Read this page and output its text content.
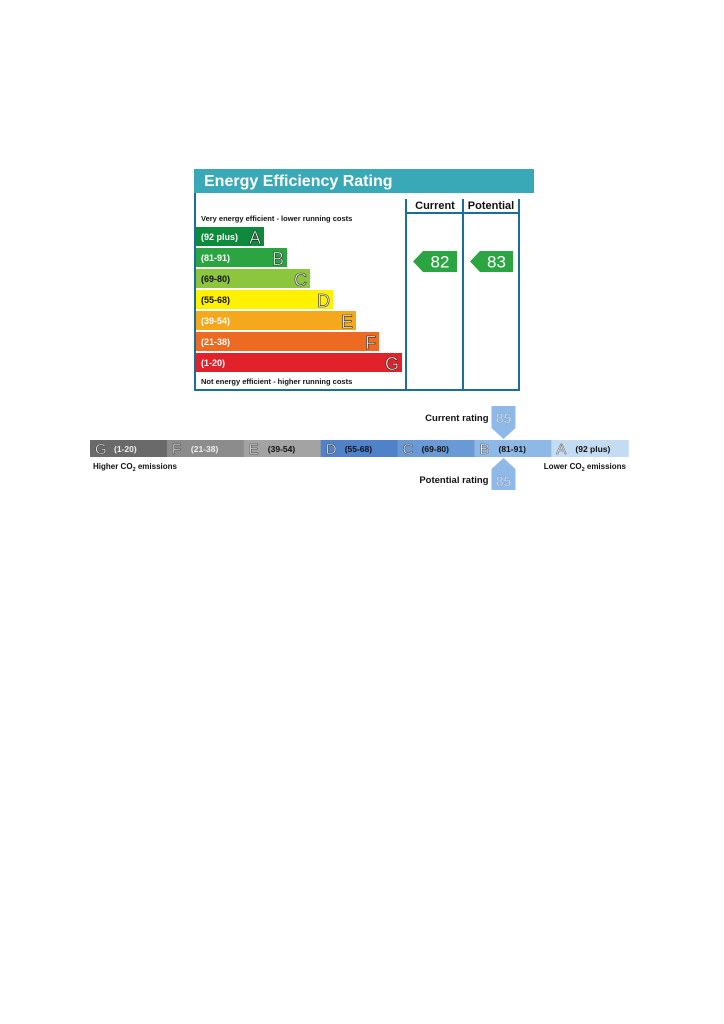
Energy Efficiency Rating
Current Potential
Very energy efficient - lower running costs
Not energy efficient - higher running costs
(92 plus) A
(81-91) B
(69-80)	C
(55-68)	D
(39-54)	E
(21-38)	F
(1-20)	G
82 83
G (1-20) F (21-38) E (39-54) D (55-68) C (69-80) B (81-91) A (92 plus)
85
Current rating
85
Potential rating
Higher $CO_2$ emissions	Lower $CO_2$ emissions
